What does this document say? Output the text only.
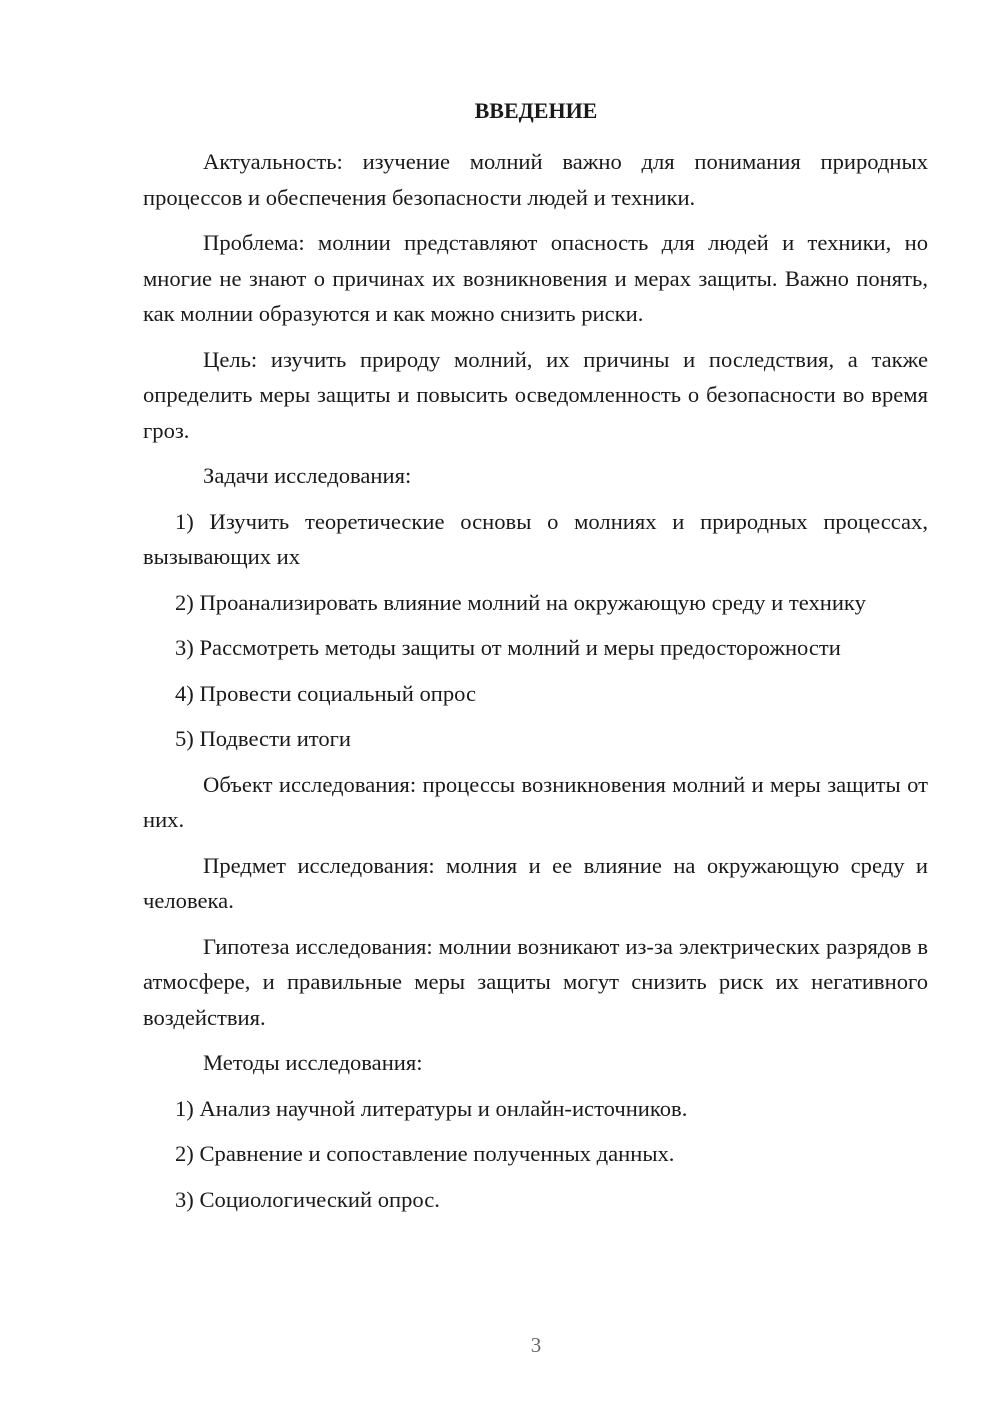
ВВЕДЕНИЕ

Актуальность: изучение молний важно для понимания природных процессов и обеспечения безопасности людей и техники.

Проблема: молнии представляют опасность для людей и техники, но многие не знают о причинах их возникновения и мерах защиты. Важно понять, как молнии образуются и как можно снизить риски.

Цель: изучить природу молний, их причины и последствия, а также определить меры защиты и повысить осведомленность о безопасности во время гроз.

Задачи исследования:

1) Изучить теоретические основы о молниях и природных процессах, вызывающих их

2) Проанализировать влияние молний на окружающую среду и технику

3) Рассмотреть методы защиты от молний и меры предосторожности

4) Провести социальный опрос

5) Подвести итоги

Объект исследования: процессы возникновения молний и меры защиты от них.

Предмет исследования: молния и ее влияние на окружающую среду и человека.

Гипотеза исследования: молнии возникают из-за электрических разрядов в атмосфере, и правильные меры защиты могут снизить риск их негативного воздействия.

Методы исследования:

1) Анализ научной литературы и онлайн-источников.

2) Сравнение и сопоставление полученных данных.

3) Социологический опрос.

3
